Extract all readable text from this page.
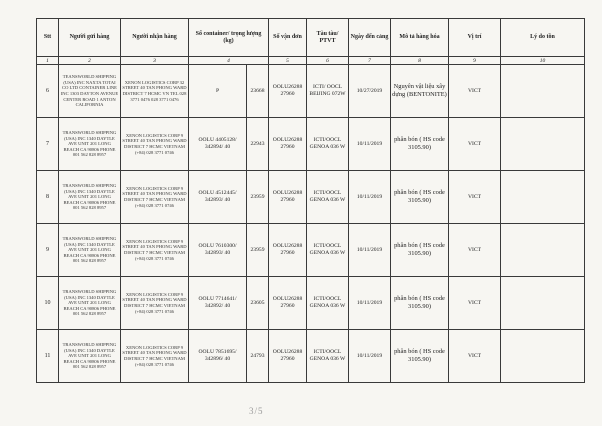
Stt	Người gửi hàng	Người nhận hàng	Số container/ trọng lượng (kg)		Số vận đơn	Tàu tàu/ PTVT	Ngày đến cảng	Mô tả hàng hóa	Vị trí	Lý do tồn
1	2	3	4		5	6	7	8	9	10
6	TEANSWORLD SHIPPING (USA) INC NAXTA TOTAI CO LTD CONTAINER LINE INC 1303 DAYTON AVENUE CENTER ROAD 1 ANTON CALIFORNIA	XENON LOGISTICS CORP 32 STREET 40 TAN PHONG WARD DISTRICT 7 HCMC VN TEL 028 3771 0476 028 3771 0476	P	23668	OOLU26288 27960	ICTI/ OOCL BEIJING 072W	10/27/2019	Nguyên vật liệu xây dựng (BENTONITE)	VICT	
7	TRANSWORLD SHIPPING (USA) INC 1340 DAYTLE AVE UNIT 201 LONG BEACH CA 90806 PHONE 001 562 828 8957	XENON LOGISTICS CORP 9 STREET 40 TAN PHONG WARD DISTRICT 7 HCMC VIETNAM (+84) 028 3771 0746	OOLU 4405128/ 342894/ 40	22943	OOLU26288 27960	ICTI/OOCL GENOA 036 W	10/11/2019	phân bón ( HS code 3105.90)	VICT	
8	TRANSWORLD SHIPPING (USA) INC 1340 DAYTLE AVE UNIT 201 LONG BEACH CA 90806 PHONE 001 562 828 8957	XENON LOGISTICS CORP 9 STREET 40 TAN PHONG WARD DISTRICT 7 HCMC VIETNAM (+84) 028 3771 0746	OOLU 4512445/ 342893/ 40	23959	OOLU26288 27960	ICTI/OOCL GENOA 036 W	10/11/2019	phân bón ( HS code 3105.90)	VICT	
9	TRANSWORLD SHIPPING (USA) INC 1340 DAYTLE AVE UNIT 201 LONG BEACH CA 90806 PHONE 001 562 828 8957	XENON LOGISTICS CORP 9 STREET 40 TAN PHONG WARD DISTRICT 7 HCMC VIETNAM (+84) 028 3771 0746	OOLU 7610300/ 342893/ 40	23959	OOLU26288 27960	ICTI/OOCL GENOA 036 W	10/11/2019	phân bón ( HS code 3105.90)	VICT	
10	TRANSWORLD SHIPPING (USA) INC 1340 DAYTLE AVE UNIT 201 LONG BEACH CA 90806 PHONE 001 562 828 8957	XENON LOGISTICS CORP 9 STREET 40 TAN PHONG WARD DISTRICT 7 HCMC VIETNAM (+84) 028 3771 0746	OOLU 7714641/ 342892/ 40	23605	OOLU26288 27960	ICTI/OOCL GENOA 036 W	10/11/2019	phân bón ( HS code 3105.90)	VICT	
11	TRANSWORLD SHIPPING (USA) INC 1340 DAYTLE AVE UNIT 201 LONG BEACH CA 90806 PHONE 001 562 828 8957	XENON LOGISTICS CORP 9 STREET 40 TAN PHONG WARD DISTRICT 7 HCMC VIETNAM (+84) 028 3771 0746	OOLU 7851695/ 342896/ 40	24793	OOLU26288 27960	ICTI/OOCL GENOA 036 W	10/11/2019	phân bón ( HS code 3105.90)	VICT	
3/5
